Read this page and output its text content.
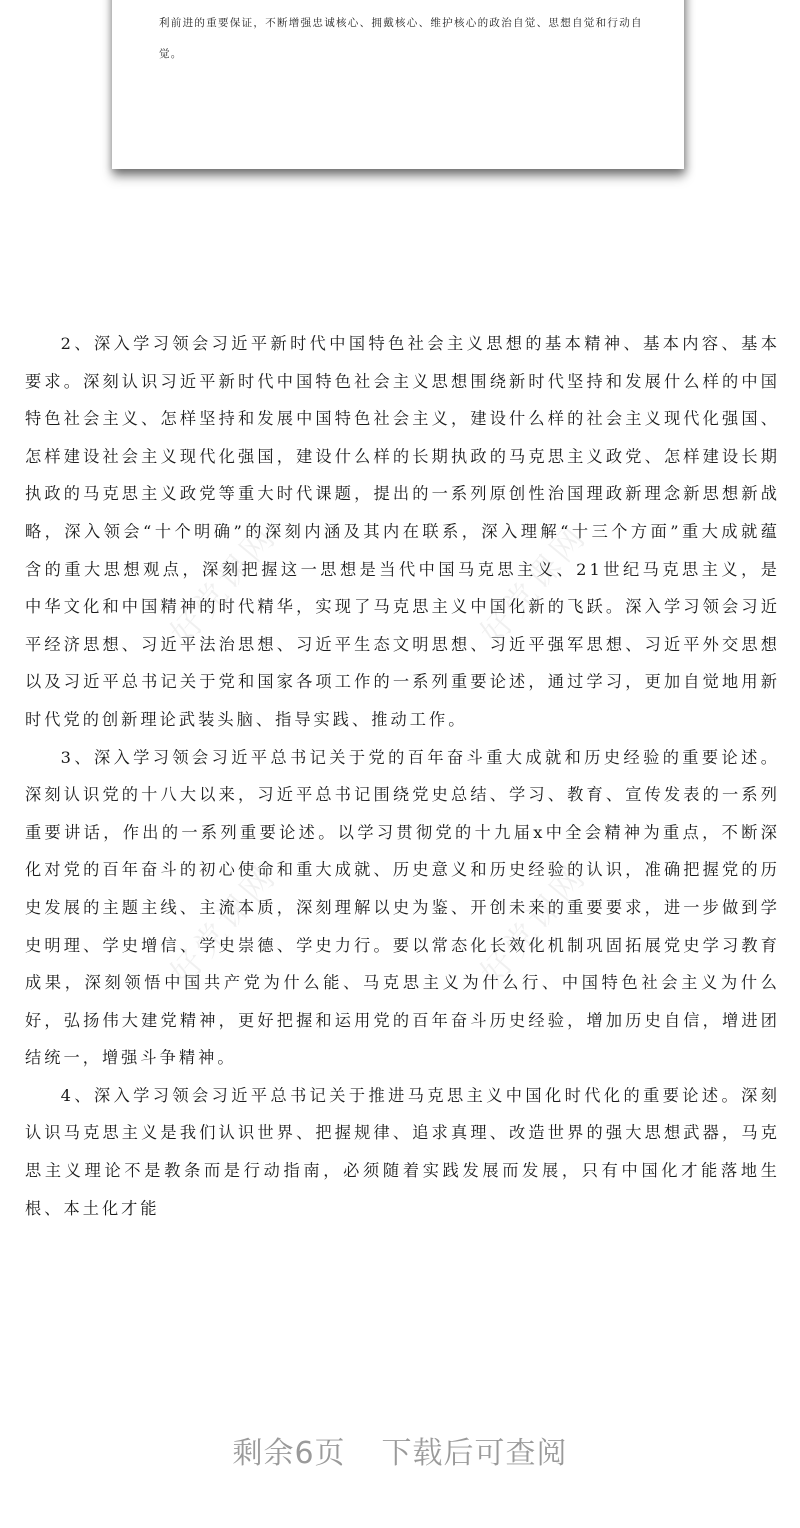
利前进的重要保证，不断增强忠诚核心、拥戴核心、维护核心的政治自觉、思想自觉和行动自

觉。

2、深入学习领会习近平新时代中国特色社会主义思想的基本精神、基本内容、基本要求。深刻认识习近平新时代中国特色社会主义思想围绕新时代坚持和发展什么样的中国特色社会主义、怎样坚持和发展中国特色社会主义，建设什么样的社会主义现代化强国、怎样建设社会主义现代化强国，建设什么样的长期执政的马克思主义政党、怎样建设长期执政的马克思主义政党等重大时代课题，提出的一系列原创性治国理政新理念新思想新战略，深入领会“十个明确”的深刻内涵及其内在联系，深入理解“十三个方面”重大成就蕴含的重大思想观点，深刻把握这一思想是当代中国马克思主义、21世纪马克思主义，是中华文化和中国精神的时代精华，实现了马克思主义中国化新的飞跃。深入学习领会习近平经济思想、习近平法治思想、习近平生态文明思想、习近平强军思想、习近平外交思想以及习近平总书记关于党和国家各项工作的一系列重要论述，通过学习，更加自觉地用新时代党的创新理论武装头脑、指导实践、推动工作。

3、深入学习领会习近平总书记关于党的百年奋斗重大成就和历史经验的重要论述。深刻认识党的十八大以来，习近平总书记围绕党史总结、学习、教育、宣传发表的一系列重要讲话，作出的一系列重要论述。以学习贯彻党的十九届x中全会精神为重点，不断深化对党的百年奋斗的初心使命和重大成就、历史意义和历史经验的认识，准确把握党的历史发展的主题主线、主流本质，深刻理解以史为鉴、开创未来的重要要求，进一步做到学史明理、学史增信、学史崇德、学史力行。要以常态化长效化机制巩固拓展党史学习教育成果，深刻领悟中国共产党为什么能、马克思主义为什么行、中国特色社会主义为什么好，弘扬伟大建党精神，更好把握和运用党的百年奋斗历史经验，增加历史自信，增进团结统一，增强斗争精神。

4、深入学习领会习近平总书记关于推进马克思主义中国化时代化的重要论述。深刻认识马克思主义是我们认识世界、把握规律、追求真理、改造世界的强大思想武器，马克思主义理论不是教条而是行动指南，必须随着实践发展而发展，只有中国化才能落地生根、本土化才能

好党课网	好党课网
好党课网	好党课网
剩余6页 下载后可查阅
